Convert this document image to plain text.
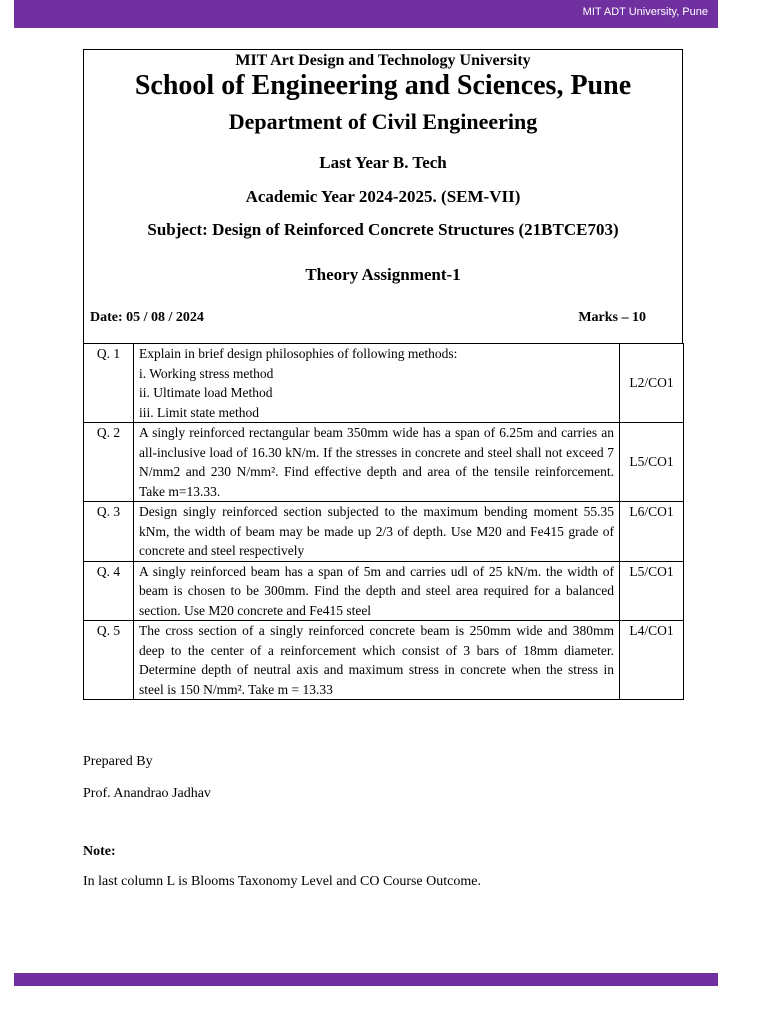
MIT ADT University, Pune
MIT Art Design and Technology University
School of Engineering and Sciences, Pune
Department of Civil Engineering
Last Year B. Tech
Academic Year 2024-2025. (SEM-VII)
Subject: Design of Reinforced Concrete Structures (21BTCE703)
Theory Assignment-1
Date: 05 / 08 / 2024	Marks – 10
Q. 1	Explain in brief design philosophies of following methods:
i. Working stress method
ii. Ultimate load Method
iii. Limit state method	L2/CO1
Q. 2	A singly reinforced rectangular beam 350mm wide has a span of 6.25m and carries an all-inclusive load of 16.30 kN/m. If the stresses in concrete and steel shall not exceed 7 N/mm2 and 230 N/mm². Find effective depth and area of the tensile reinforcement. Take m=13.33.	L5/CO1
Q. 3	Design singly reinforced section subjected to the maximum bending moment 55.35 kNm, the width of beam may be made up 2/3 of depth. Use M20 and Fe415 grade of concrete and steel respectively	L6/CO1
Q. 4	A singly reinforced beam has a span of 5m and carries udl of 25 kN/m. the width of beam is chosen to be 300mm. Find the depth and steel area required for a balanced section. Use M20 concrete and Fe415 steel	L5/CO1
Q. 5	The cross section of a singly reinforced concrete beam is 250mm wide and 380mm deep to the center of a reinforcement which consist of 3 bars of 18mm diameter. Determine depth of neutral axis and maximum stress in concrete when the stress in steel is 150 N/mm². Take m = 13.33	L4/CO1
Prepared By
Prof. Anandrao Jadhav
Note:
In last column L is Blooms Taxonomy Level and CO Course Outcome.
